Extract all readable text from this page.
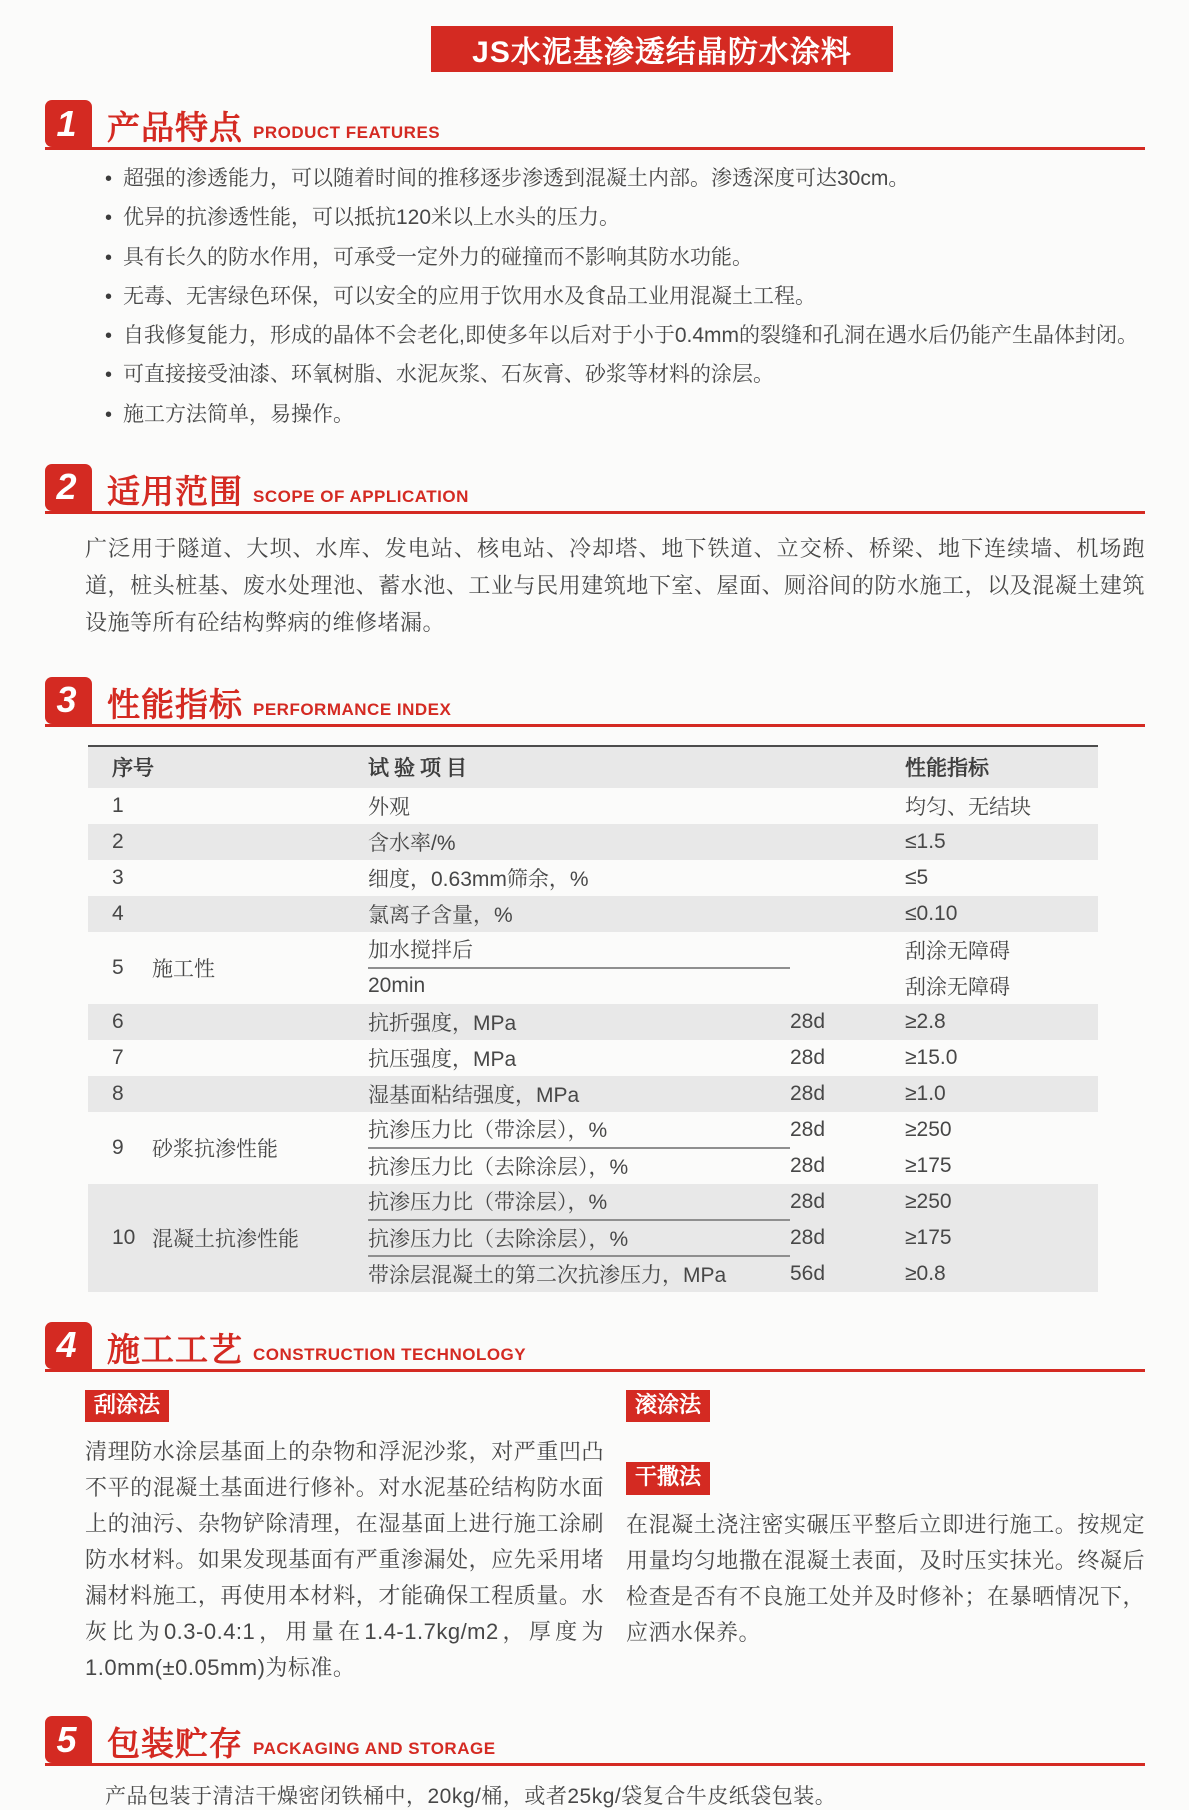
JS水泥基渗透结晶防水涂料
1 产品特点 PRODUCT FEATURES
• 超强的渗透能力，可以随着时间的推移逐步渗透到混凝土内部。渗透深度可达30cm。
• 优异的抗渗透性能，可以抵抗120米以上水头的压力。
• 具有长久的防水作用，可承受一定外力的碰撞而不影响其防水功能。
• 无毒、无害绿色环保，可以安全的应用于饮用水及食品工业用混凝土工程。
• 自我修复能力，形成的晶体不会老化,即使多年以后对于小于0.4mm的裂缝和孔洞在遇水后仍能产生晶体封闭。
• 可直接接受油漆、环氧树脂、水泥灰浆、石灰膏、砂浆等材料的涂层。
• 施工方法简单，易操作。
2 适用范围 SCOPE OF APPLICATION

广泛用于隧道、大坝、水库、发电站、核电站、冷却塔、地下铁道、立交桥、桥梁、地下连续墙、机场跑道，桩头桩基、废水处理池、蓄水池、工业与民用建筑地下室、屋面、厕浴间的防水施工，以及混凝土建筑设施等所有砼结构弊病的维修堵漏。

3 性能指标 PERFORMANCE INDEX
序号		试验项目		性能指标
1		外观		均匀、无结块
2		含水率/%		≤1.5
3		细度，0.63mm筛余，%		≤5
4		氯离子含量，%		≤0.10
5	施工性	加水搅拌后		刮涂无障碍
		20min		刮涂无障碍
6		抗折强度，MPa	28d	≥2.8
7		抗压强度，MPa	28d	≥15.0
8		湿基面粘结强度，MPa	28d	≥1.0
9	砂浆抗渗性能	抗渗压力比（带涂层），%	28d	≥250
		抗渗压力比（去除涂层），%	28d	≥175
10	混凝土抗渗性能	抗渗压力比（带涂层），%	28d	≥250
		抗渗压力比（去除涂层），%	28d	≥175
		带涂层混凝土的第二次抗渗压力，MPa	56d	≥0.8
4 施工工艺 CONSTRUCTION TECHNOLOGY
刮涂法

清理防水涂层基面上的杂物和浮泥沙浆，对严重凹凸不平的混凝土基面进行修补。对水泥基砼结构防水面上的油污、杂物铲除清理，在湿基面上进行施工涂刷防水材料。如果发现基面有严重渗漏处，应先采用堵漏材料施工，再使用本材料，才能确保工程质量。水灰比为0.3-0.4:1，用量在1.4-1.7kg/m2，厚度为1.0mm(±0.05mm)为标准。

滚涂法
干撒法

在混凝土浇注密实碾压平整后立即进行施工。按规定用量均匀地撒在混凝土表面，及时压实抹光。终凝后检查是否有不良施工处并及时修补；在暴晒情况下，应洒水保养。

5 包装贮存 PACKAGING AND STORAGE

产品包装于清洁干燥密闭铁桶中，20kg/桶，或者25kg/袋复合牛皮纸袋包装。
